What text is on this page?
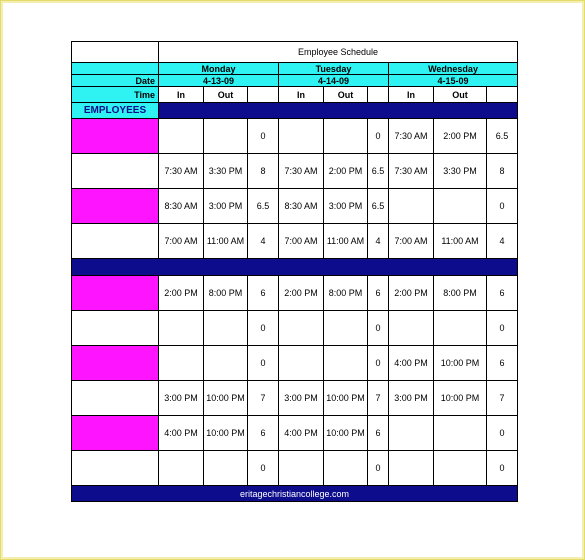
	Employee Schedule								
	Monday			Tuesday			Wednesday		
Date	4-13-09			4-14-09			4-15-09		
Time	In	Out		In	Out		In	Out	
EMPLOYEES									
			0			0	7:30 AM	2:00 PM	6.5
	7:30 AM	3:30 PM	8	7:30 AM	2:00 PM	6.5	7:30 AM	3:30 PM	8
	8:30 AM	3:00 PM	6.5	8:30 AM	3:00 PM	6.5			0
	7:00 AM	11:00 AM	4	7:00 AM	11:00 AM	4	7:00 AM	11:00 AM	4

	2:00 PM	8:00 PM	6	2:00 PM	8:00 PM	6	2:00 PM	8:00 PM	6
			0			0			0
			0			0	4:00 PM	10:00 PM	6
	3:00 PM	10:00 PM	7	3:00 PM	10:00 PM	7	3:00 PM	10:00 PM	7
	4:00 PM	10:00 PM	6	4:00 PM	10:00 PM	6			0
			0			0			0
eritagechristiancollege.com									
